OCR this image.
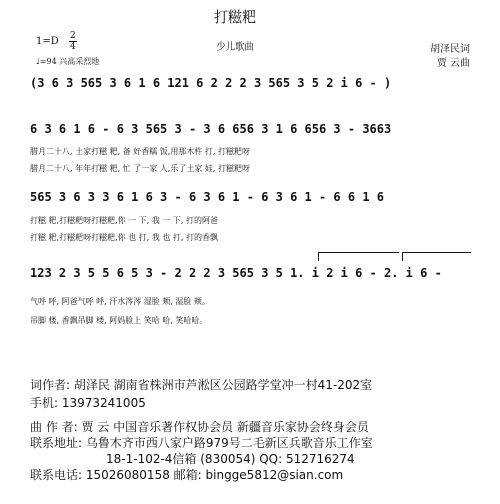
打糍粑
少儿歌曲
1=D 2
4
♩=94 兴高采烈地
胡泽民词
贾 云曲
(3 6 3 565 3 6 1 6 121 6 2 2 2 3 565 3 5 2 i 6 - )
6 3 6 1 6 - 6 3 565 3 - 3 6 656 3 1 6 656 3 - 3663
腊月二十八, 土家打糍 粑, 备 好香糯 饭,用那木杵 打, 打糍粑呀
腊月二十八, 年年打糍 粑, 忙 了一家 人,乐了土家 娃, 打糍粑呀
565 3 6 3 3 6 1 6 3 - 6 3 6 1 - 6 3 6 1 - 6 6 1 6
打糍 粑,打糍粑呀打糍粑,你 一 下, 我 一 下, 打的阿爸
打糍 粑,打糍粑呀打糍粑,你 也 打, 我 也 打, 打的香飘
123 2 3 5 5 6 5 3 - 2 2 2 3 565 3 5 1. i 2 i 6 - 2. i 6 -
气呼 呼, 阿爸气呼 呼, 汗水涔涔 湿脸 颊, 湿脸 颊。
吊脚 楼, 香飘吊脚 楼, 阿妈脸上 笑哈 哈, 笑哈哈。
词作者: 胡泽民 湖南省株洲市芦淞区公园路学堂冲一村41-202室
手机: 13973241005
曲 作 者: 贾 云 中国音乐著作权协会员 新疆音乐家协会终身会员
联系地址: 乌鲁木齐市西八家户路979号二毛新区兵歌音乐工作室
18-1-102-4信箱 (830054) QQ: 512716274
联系电话: 15026080158 邮箱: bingge5812@sian.com
